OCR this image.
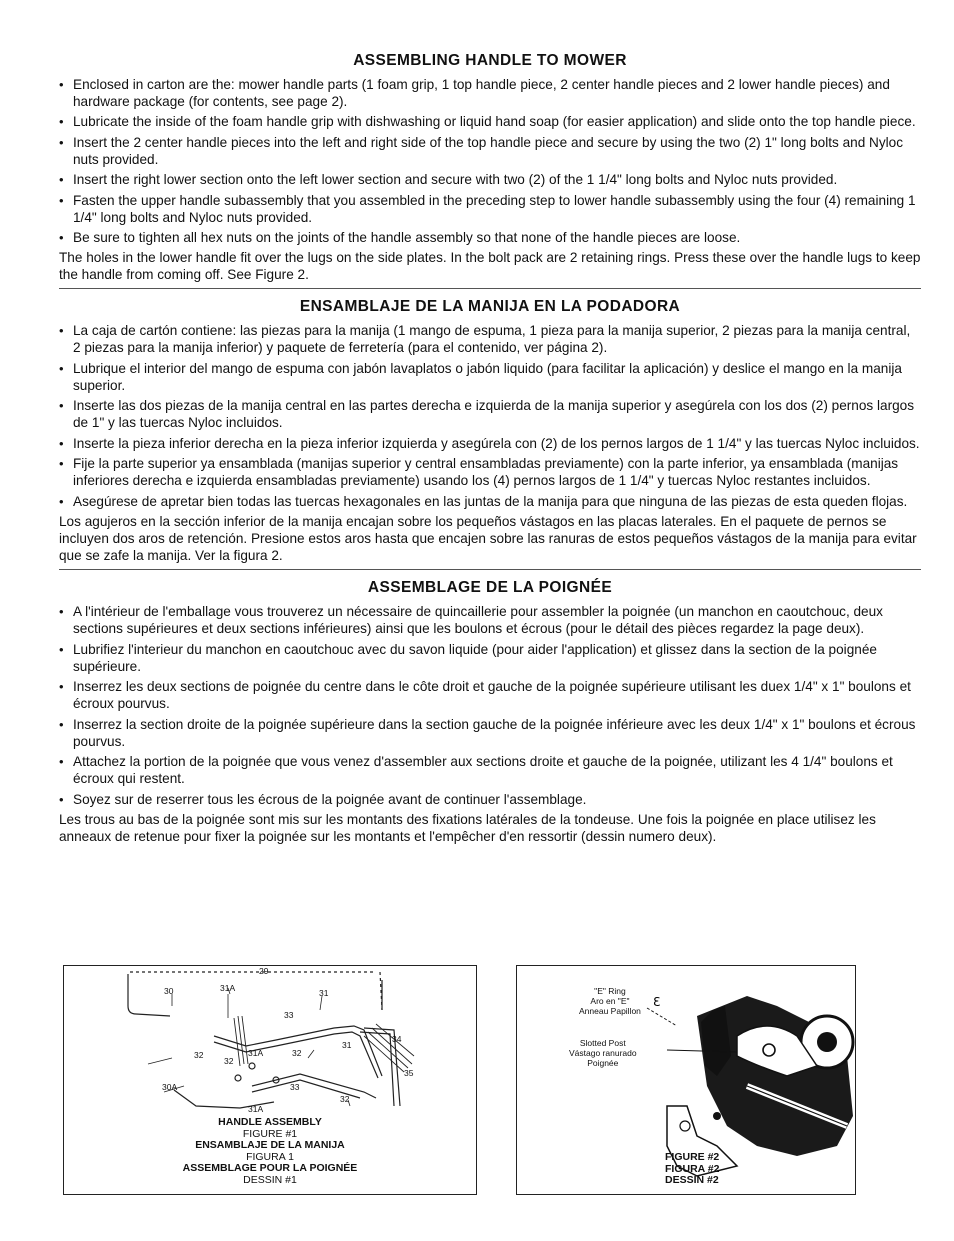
ASSEMBLING HANDLE TO MOWER
• Enclosed in carton are the: mower handle parts (1 foam grip, 1 top handle piece, 2 center handle pieces and 2 lower handle pieces) and hardware package (for contents, see page 2).
• Lubricate the inside of the foam handle grip with dishwashing or liquid hand soap (for easier application) and slide onto the top handle piece.
• Insert the 2 center handle pieces into the left and right side of the top handle piece and secure by using the two (2) 1" long bolts and Nyloc nuts provided.
• Insert the right lower section onto the left lower section and secure with two (2) of the 1 1/4" long bolts and Nyloc nuts provided.
• Fasten the upper handle subassembly that you assembled in the preceding step to lower handle subassembly using the four (4) remaining 1 1/4" long bolts and Nyloc nuts provided.
• Be sure to tighten all hex nuts on the joints of the handle assembly so that none of the handle pieces are loose.

The holes in the lower handle fit over the lugs on the side plates. In the bolt pack are 2 retaining rings. Press these over the handle lugs to keep the handle from coming off. See Figure 2.

ENSAMBLAJE DE LA MANIJA EN LA PODADORA
• La caja de cartón contiene: las piezas para la manija (1 mango de espuma, 1 pieza para la manija superior, 2 piezas para la manija central, 2 piezas para la manija inferior) y paquete de ferretería (para el contenido, ver página 2).
• Lubrique el interior del mango de espuma con jabón lavaplatos o jabón liquido (para facilitar la aplicación) y deslice el mango en la manija superior.
• Inserte las dos piezas de la manija central en las partes derecha e izquierda de la manija superior y asegúrela con los dos (2) pernos largos de 1" y las tuercas Nyloc incluidos.
• Inserte la pieza inferior derecha en la pieza inferior izquierda y asegúrela con (2) de los pernos largos de 1 1/4" y las tuercas Nyloc incluidos.
• Fije la parte superior ya ensamblada (manijas superior y central ensambladas previamente) con la parte inferior, ya ensamblada (manijas inferiores derecha e izquierda ensambladas previamente) usando los (4) pernos largos de 1 1/4" y tuercas Nyloc restantes incluidos.
• Asegúrese de apretar bien todas las tuercas hexagonales en las juntas de la manija para que ninguna de las piezas de esta queden flojas.

Los agujeros en la sección inferior de la manija encajan sobre los pequeños vástagos en las placas laterales. En el paquete de pernos se incluyen dos aros de retención. Presione estos aros hasta que encajen sobre las ranuras de estos pequeños vástagos de la manija para evitar que se zafe la manija. Ver la figura 2.

ASSEMBLAGE DE LA POIGNÉE
• A l'intérieur de l'emballage vous trouverez un nécessaire de quincaillerie pour assembler la poignée (un manchon en caoutchouc, deux sections supérieures et deux sections inférieures) ainsi que les boulons et écrous (pour le détail des pièces regardez la page deux).
• Lubrifiez l'interieur du manchon en caoutchouc avec du savon liquide (pour aider l'application) et glissez dans la section de la poignée supérieure.
• Inserrez les deux sections de poignée du centre dans le côte droit et gauche de la poignée supérieure utilisant les duex 1/4" x 1" boulons et écroux pourvus.
• Inserrez la section droite de la poignée supérieure dans la section gauche de la poignée inférieure avec les deux 1/4" x 1" boulons et écrous pourvus.
• Attachez la portion de la poignée que vous venez d'assembler aux sections droite et gauche de la poignée, utilizant les 4 1/4" boulons et écroux qui restent.
• Soyez sur de reserrer tous les écrous de la poignée avant de continuer l'assemblage.

Les trous au bas de la poignée sont mis sur les montants des fixations latérales de la tondeuse. Une fois la poignée en place utilisez les anneaux de retenue pour fixer la poignée sur les montants et l'empêcher d'en ressortir (dessin numero deux).

29
30	31A	31
33
34
31
32
31A
32
32
35
30A	33
32
31A
HANDLE ASSEMBLY
FIGURE #1
ENSAMBLAJE DE LA MANIJA
FIGURA 1
ASSEMBLAGE POUR LA POIGNÉE
DESSIN #1
Ɛ
"E" Ring
Aro en "E"
Anneau Papillon
Slotted Post
Vástago ranurado
Poignée
FIGURE #2
FIGURA #2
DESSIN #2
